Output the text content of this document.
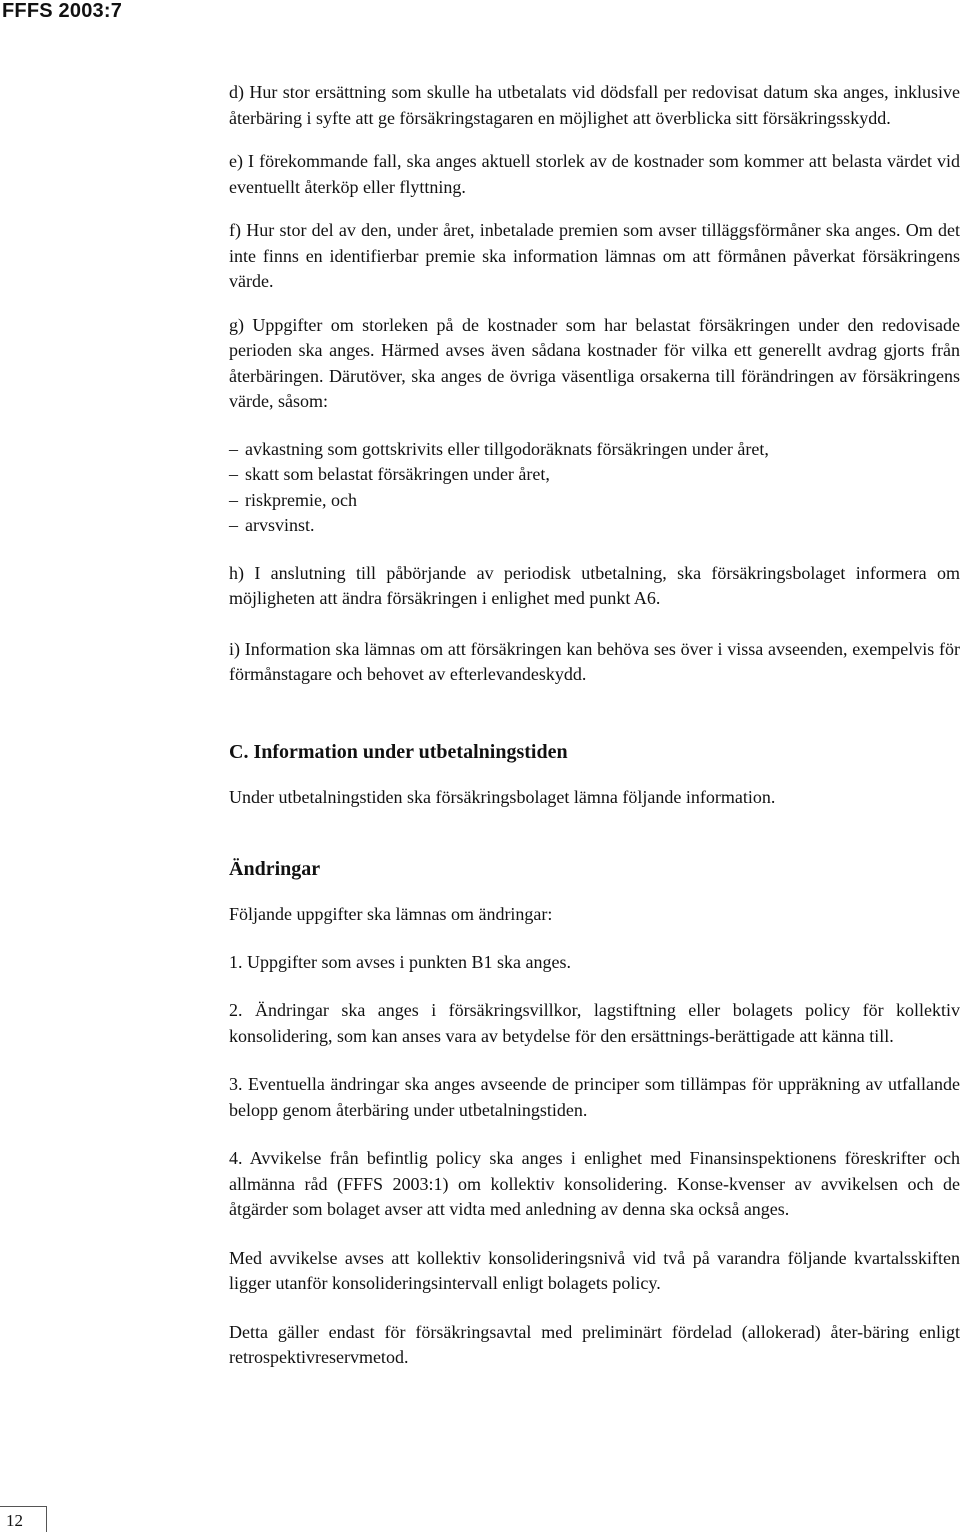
FFFS 2003:7

d) Hur stor ersättning som skulle ha utbetalats vid dödsfall per redovisat datum ska anges, inklusive återbäring i syfte att ge försäkringstagaren en möjlighet att överblicka sitt försäkringsskydd.

e) I förekommande fall, ska anges aktuell storlek av de kostnader som kommer att belasta värdet vid eventuellt återköp eller flyttning.

f) Hur stor del av den, under året, inbetalade premien som avser tilläggsförmåner ska anges. Om det inte finns en identifierbar premie ska information lämnas om att förmånen påverkat försäkringens värde.

g) Uppgifter om storleken på de kostnader som har belastat försäkringen under den redovisade perioden ska anges. Härmed avses även sådana kostnader för vilka ett generellt avdrag gjorts från återbäringen. Därutöver, ska anges de övriga väsentliga orsakerna till förändringen av försäkringens värde, såsom:

– avkastning som gottskrivits eller tillgodoräknats försäkringen under året,
– skatt som belastat försäkringen under året,
– riskpremie, och
– arvsvinst.

h) I anslutning till påbörjande av periodisk utbetalning, ska försäkringsbolaget informera om möjligheten att ändra försäkringen i enlighet med punkt A6.

i) Information ska lämnas om att försäkringen kan behöva ses över i vissa avseenden, exempelvis för förmånstagare och behovet av efterlevandeskydd.

C. Information under utbetalningstiden

Under utbetalningstiden ska försäkringsbolaget lämna följande information.

Ändringar

Följande uppgifter ska lämnas om ändringar:

1. Uppgifter som avses i punkten B1 ska anges.

2. Ändringar ska anges i försäkringsvillkor, lagstiftning eller bolagets policy för kollektiv konsolidering, som kan anses vara av betydelse för den ersättnings-berättigade att känna till.

3. Eventuella ändringar ska anges avseende de principer som tillämpas för uppräkning av utfallande belopp genom återbäring under utbetalningstiden.

4. Avvikelse från befintlig policy ska anges i enlighet med Finansinspektionens föreskrifter och allmänna råd (FFFS 2003:1) om kollektiv konsolidering. Konse-kvenser av avvikelsen och de åtgärder som bolaget avser att vidta med anledning av denna ska också anges.

Med avvikelse avses att kollektiv konsolideringsnivå vid två på varandra följande kvartalsskiften ligger utanför konsolideringsintervall enligt bolagets policy.

Detta gäller endast för försäkringsavtal med preliminärt fördelad (allokerad) åter-bäring enligt retrospektivreservmetod.

12
